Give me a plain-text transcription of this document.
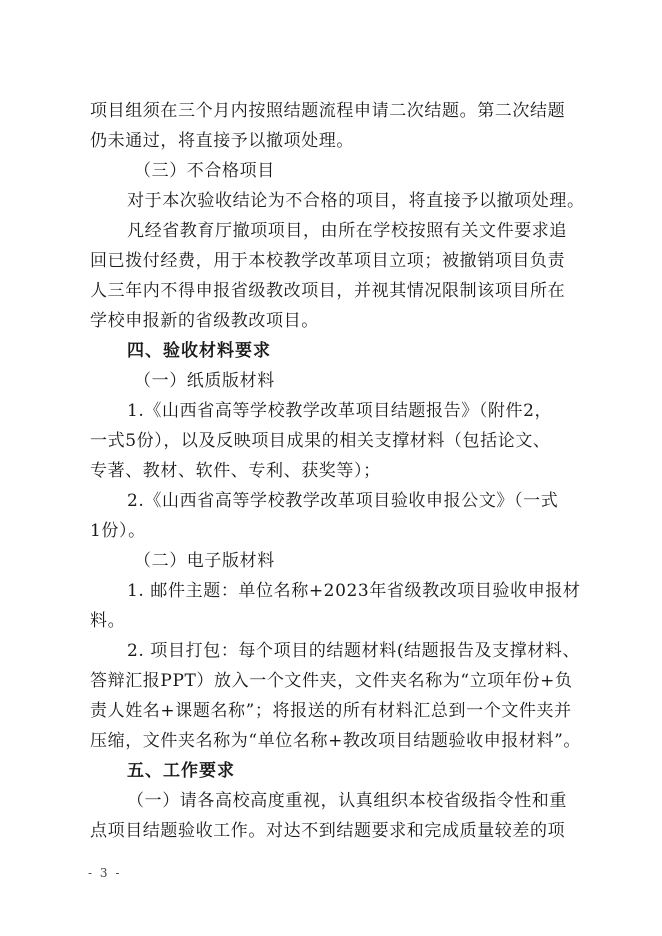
项目组须在三个月内按照结题流程申请二次结题。第二次结题
仍未通过，将直接予以撤项处理。
（三）不合格项目
对于本次验收结论为不合格的项目，将直接予以撤项处理。
凡经省教育厅撤项项目，由所在学校按照有关文件要求追
回已拨付经费，用于本校教学改革项目立项；被撤销项目负责
人三年内不得申报省级教改项目，并视其情况限制该项目所在
学校申报新的省级教改项目。
四、验收材料要求
（一）纸质版材料
1.《山西省高等学校教学改革项目结题报告》（附件2，
一式5份），以及反映项目成果的相关支撑材料（包括论文、
专著、教材、软件、专利、获奖等）；
2.《山西省高等学校教学改革项目验收申报公文》（一式
1份）。
（二）电子版材料
1. 邮件主题：单位名称+2023年省级教改项目验收申报材
料。
2. 项目打包：每个项目的结题材料(结题报告及支撑材料、
答辩汇报PPT）放入一个文件夹，文件夹名称为“立项年份+负
责人姓名+课题名称”；将报送的所有材料汇总到一个文件夹并
压缩，文件夹名称为“单位名称+教改项目结题验收申报材料”。
五、工作要求
（一）请各高校高度重视，认真组织本校省级指令性和重
点项目结题验收工作。对达不到结题要求和完成质量较差的项
- 3 -
